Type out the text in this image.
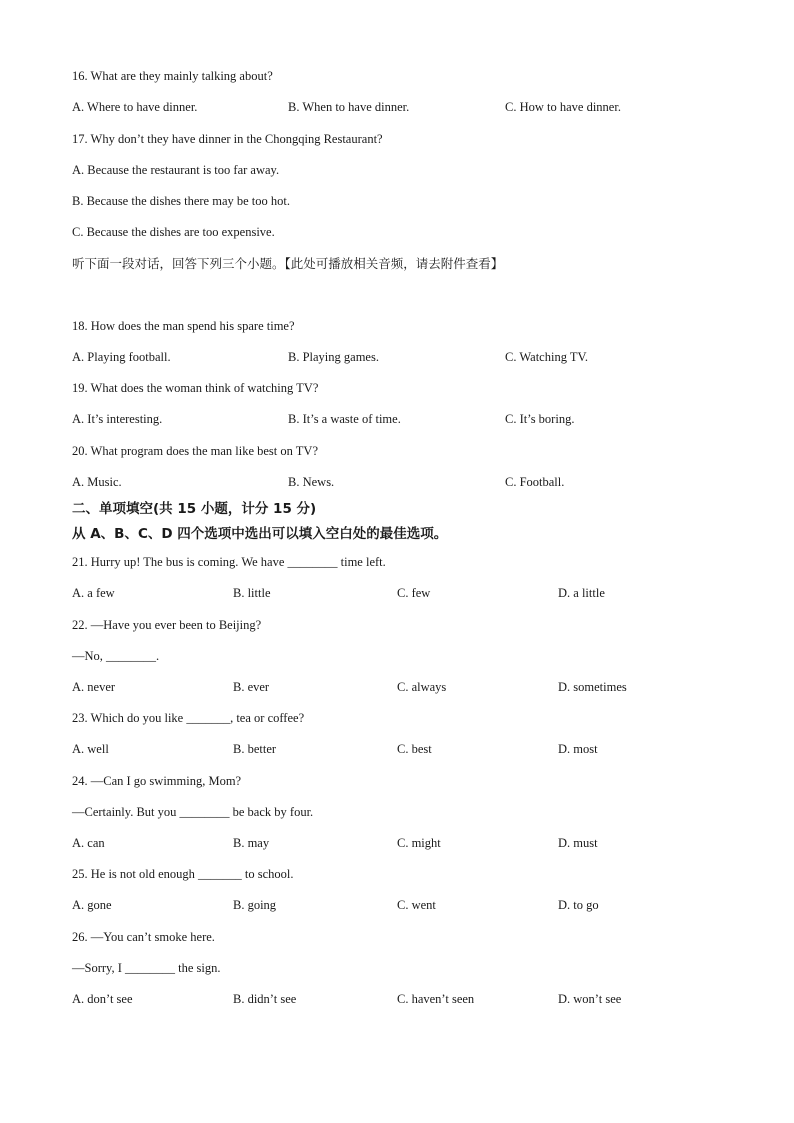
16. What are they mainly talking about?
A. Where to have dinner.	B. When to have dinner.	C. How to have dinner.
17. Why don’t they have dinner in the Chongqing Restaurant?
A. Because the restaurant is too far away.
B. Because the dishes there may be too hot.
C. Because the dishes are too expensive.
听下面一段对话，回答下列三个小题。【此处可播放相关音频，请去附件查看】
18. How does the man spend his spare time?
A. Playing football.	B. Playing games.	C. Watching TV.
19. What does the woman think of watching TV?
A. It’s interesting.	B. It’s a waste of time.	C. It’s boring.
20. What program does the man like best on TV?
A. Music.	B. News.	C. Football.
二、单项填空(共 15 小题，计分 15 分)
从 A、B、C、D 四个选项中选出可以填入空白处的最佳选项。
21. Hurry up! The bus is coming. We have ________ time left.
A. a few	B. little	C. few	D. a little
22. —Have you ever been to Beijing?
—No, ________.
A. never	B. ever	C. always	D. sometimes
23. Which do you like _______, tea or coffee?
A. well	B. better	C. best	D. most
24. —Can I go swimming, Mom?
—Certainly. But you ________ be back by four.
A. can	B. may	C. might	D. must
25. He is not old enough _______ to school.
A. gone	B. going	C. went	D. to go
26. —You can’t smoke here.
—Sorry, I ________ the sign.
A. don’t see	B. didn’t see	C. haven’t seen	D. won’t see
